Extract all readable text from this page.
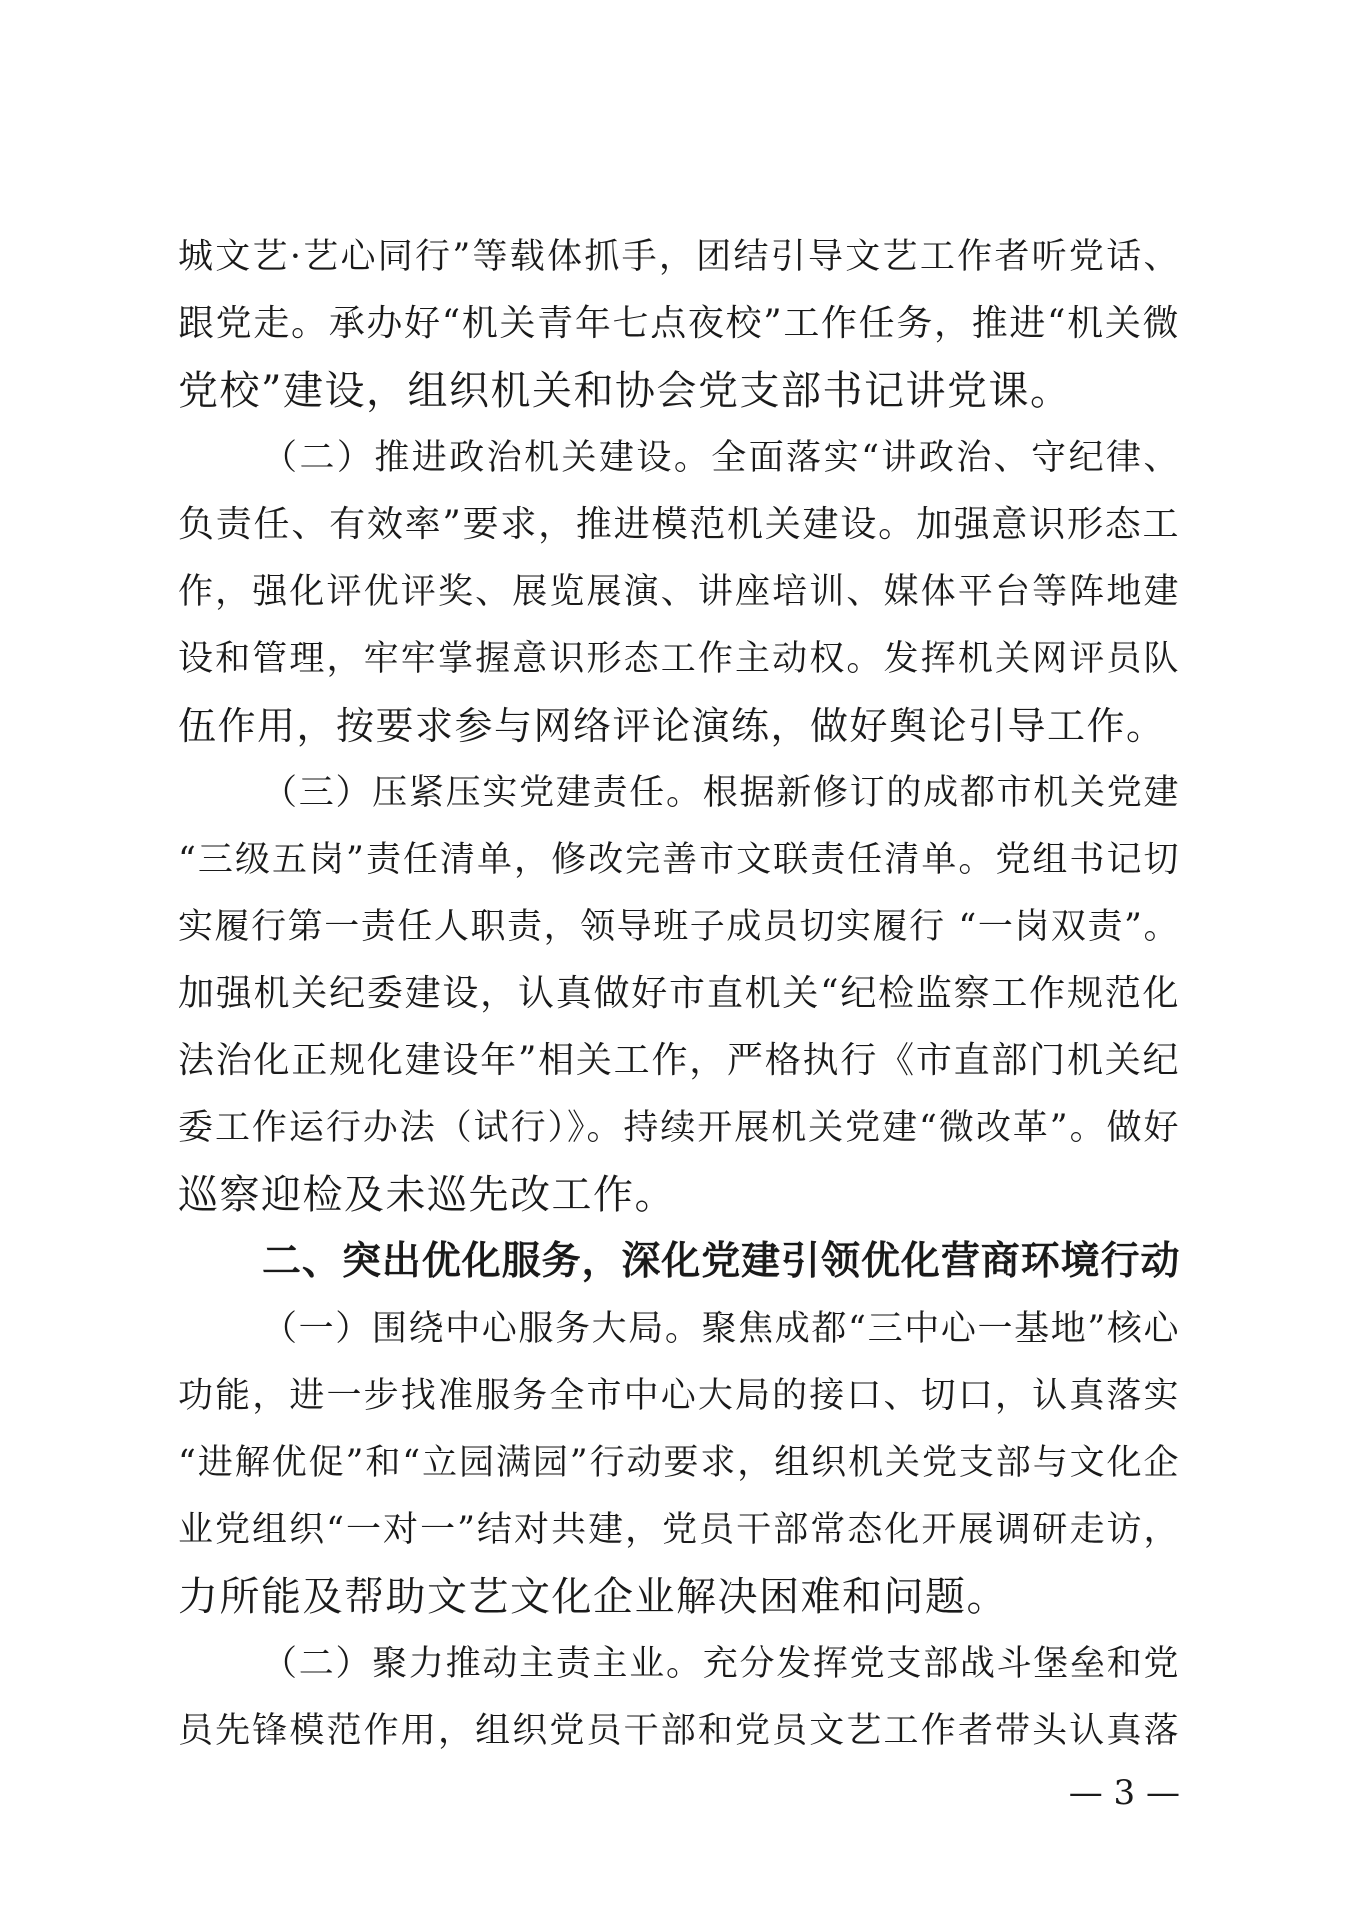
城文艺·艺心同行”等载体抓手，团结引导文艺工作者听党话、
跟党走。承办好“机关青年七点夜校”工作任务，推进“机关微
党校”建设，组织机关和协会党支部书记讲党课。
（二）推进政治机关建设。全面落实“讲政治、守纪律、
负责任、有效率”要求，推进模范机关建设。加强意识形态工
作，强化评优评奖、展览展演、讲座培训、媒体平台等阵地建
设和管理，牢牢掌握意识形态工作主动权。发挥机关网评员队
伍作用，按要求参与网络评论演练，做好舆论引导工作。
（三）压紧压实党建责任。根据新修订的成都市机关党建
“三级五岗”责任清单，修改完善市文联责任清单。党组书记切
实履行第一责任人职责，领导班子成员切实履行 “一岗双责”。
加强机关纪委建设，认真做好市直机关“纪检监察工作规范化
法治化正规化建设年”相关工作，严格执行《市直部门机关纪
委工作运行办法（试行）》。持续开展机关党建“微改革”。做好
巡察迎检及未巡先改工作。
二、突出优化服务，深化党建引领优化营商环境行动
（一）围绕中心服务大局。聚焦成都“三中心一基地”核心
功能，进一步找准服务全市中心大局的接口、切口，认真落实
“进解优促”和“立园满园”行动要求，组织机关党支部与文化企
业党组织“一对一”结对共建，党员干部常态化开展调研走访，
力所能及帮助文艺文化企业解决困难和问题。
（二）聚力推动主责主业。充分发挥党支部战斗堡垒和党
员先锋模范作用，组织党员干部和党员文艺工作者带头认真落
— 3 —
